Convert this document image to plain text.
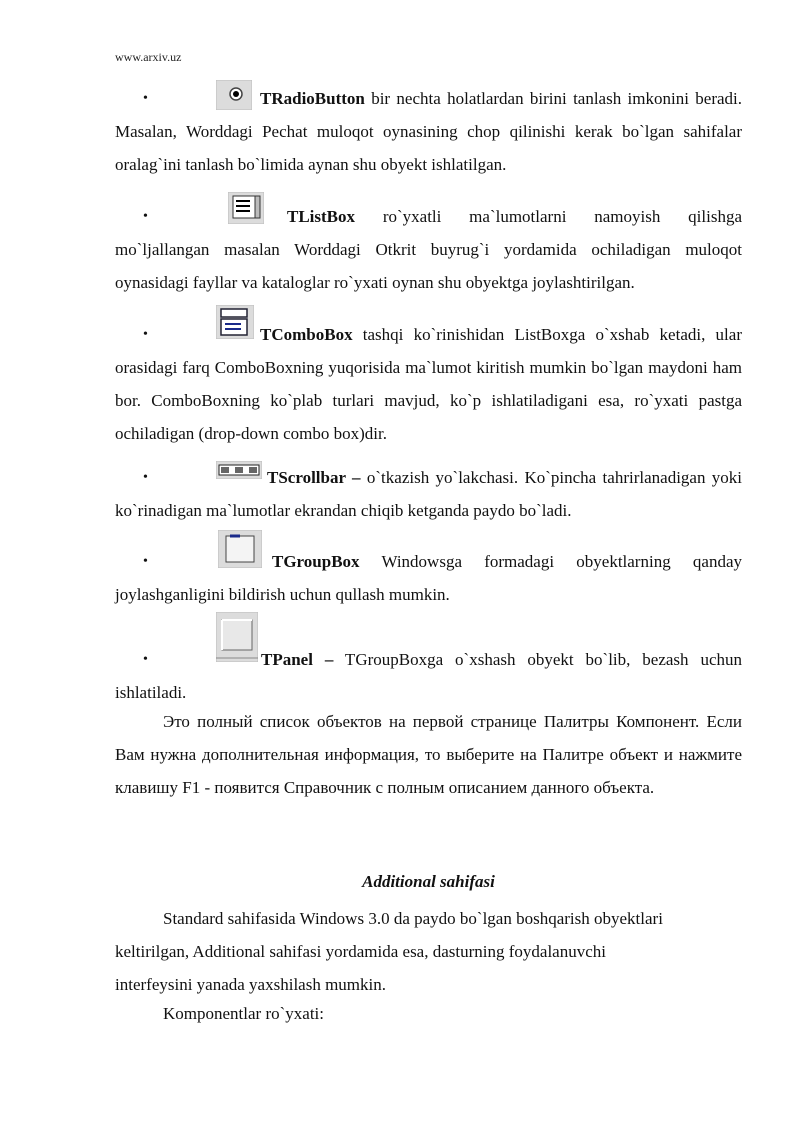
www.arxiv.uz
•	TRadioButton bir nechta holatlardan birini tanlash imkonini beradi. Masalan, Worddagi Pechat muloqot oynasining chop qilinishi kerak bo`lgan sahifalar oralag`ini tanlash bo`limida aynan shu obyekt ishlatilgan.
•	TListBox ro`yxatli ma`lumotlarni namoyish qilishga mo`ljallangan masalan Worddagi Otkrit buyrug`i yordamida ochiladigan muloqot oynasidagi fayllar va kataloglar ro`yxati oynan shu obyektga joylashtirilgan.
•	TComboBox tashqi ko`rinishidan ListBoxga o`xshab ketadi, ular orasidagi farq ComboBoxning yuqorisida ma`lumot kiritish mumkin bo`lgan maydoni ham bor. ComboBoxning ko`plab turlari mavjud, ko`p ishlatiladigani esa, ro`yxati pastga ochiladigan (drop-down combo box)dir.
•	TScrollbar – o`tkazish yo`lakchasi. Ko`pincha tahrirlanadigan yoki ko`rinadigan ma`lumotlar ekrandan chiqib ketganda paydo bo`ladi.
•	TGroupBox Windowsga formadagi obyektlarning qanday joylashganligini bildirish uchun qullash mumkin.
•	TPanel – TGroupBoxga o`xshash obyekt bo`lib, bezash uchun ishlatiladi.
Это полный список объектов на первой странице Палитры Компонент. Если Вам нужна дополнительная информация, то выберите на Палитре объект и нажмите клавишу F1 - появится Справочник с полным описанием данного объекта.
Additional sahifasi
Standard sahifasida Windows 3.0 da paydo bo`lgan boshqarish obyektlari
keltirilgan, Additional sahifasi yordamida esa, dasturning foydalanuvchi
interfeysini yanada yaxshilash mumkin.
Komponentlar ro`yxati:
